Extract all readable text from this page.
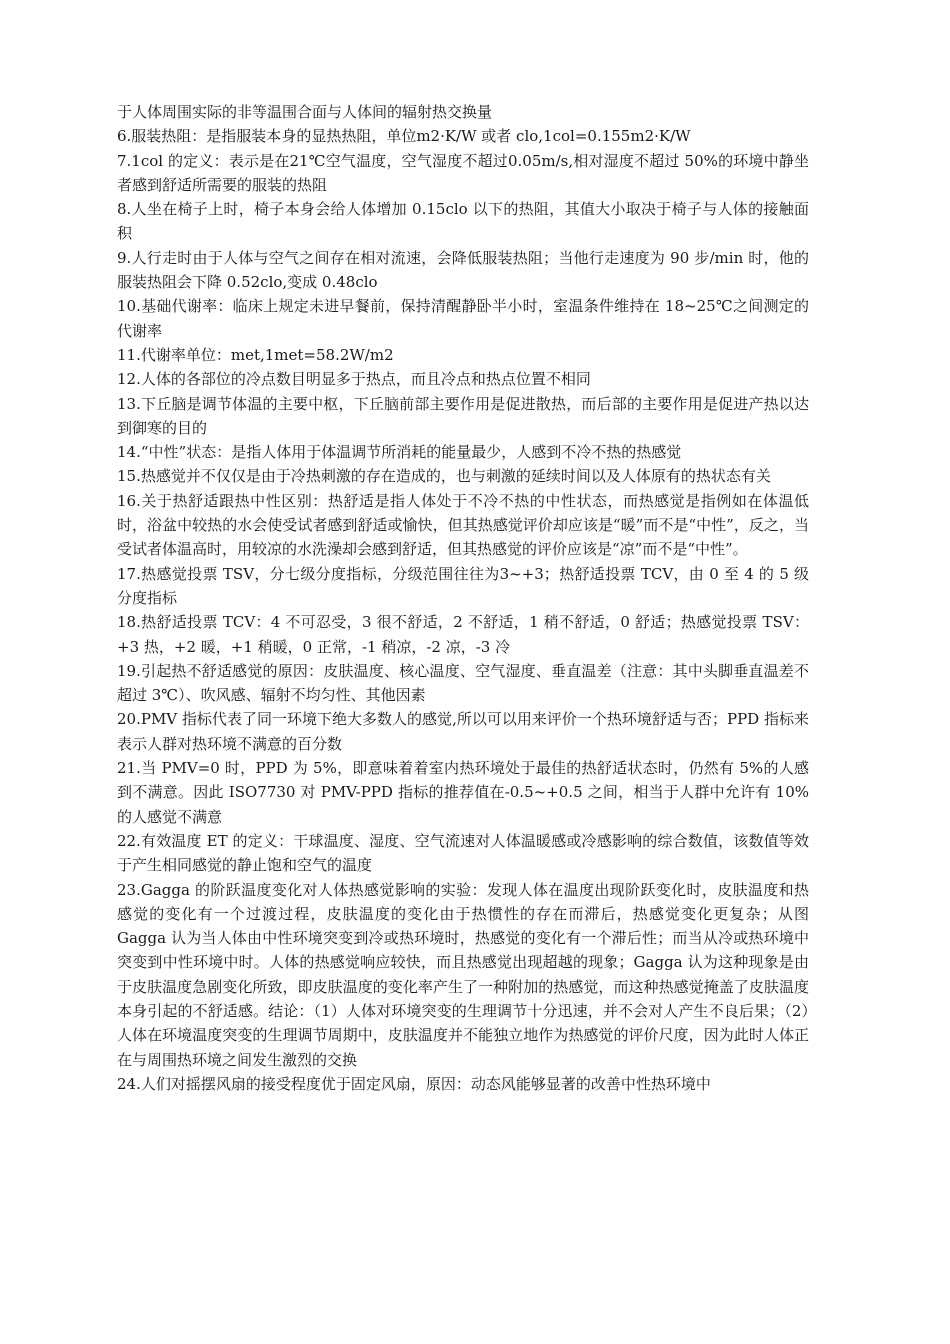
于人体周围实际的非等温围合面与人体间的辐射热交换量

6.服装热阻：是指服装本身的显热热阻，单位m2·K/W 或者 clo,1col=0.155m2·K/W

7.1col 的定义：表示是在21℃空气温度，空气湿度不超过0.05m/s,相对湿度不超过 50%的环境中静坐者感到舒适所需要的服装的热阻

8.人坐在椅子上时，椅子本身会给人体增加 0.15clo 以下的热阻，其值大小取决于椅子与人体的接触面积

9.人行走时由于人体与空气之间存在相对流速，会降低服装热阻；当他行走速度为 90 步/min 时，他的服装热阻会下降 0.52clo,变成 0.48clo

10.基础代谢率：临床上规定未进早餐前，保持清醒静卧半小时，室温条件维持在 18~25℃之间测定的代谢率

11.代谢率单位：met,1met=58.2W/m2

12.人体的各部位的冷点数目明显多于热点，而且冷点和热点位置不相同

13.下丘脑是调节体温的主要中枢，下丘脑前部主要作用是促进散热，而后部的主要作用是促进产热以达到御寒的目的

14.“中性”状态：是指人体用于体温调节所消耗的能量最少，人感到不冷不热的热感觉

15.热感觉并不仅仅是由于冷热刺激的存在造成的，也与刺激的延续时间以及人体原有的热状态有关

16.关于热舒适跟热中性区别：热舒适是指人体处于不冷不热的中性状态，而热感觉是指例如在体温低时，浴盆中较热的水会使受试者感到舒适或愉快，但其热感觉评价却应该是“暖”而不是“中性”，反之，当受试者体温高时，用较凉的水洗澡却会感到舒适，但其热感觉的评价应该是“凉”而不是“中性”。

17.热感觉投票 TSV，分七级分度指标，分级范围往往为3~+3；热舒适投票 TCV，由 0 至 4 的 5 级分度指标

18.热舒适投票 TCV：4 不可忍受，3 很不舒适，2 不舒适，1 稍不舒适，0 舒适；热感觉投票 TSV：+3 热，+2 暖，+1 稍暖，0 正常，-1 稍凉，-2 凉，-3 冷

19.引起热不舒适感觉的原因：皮肤温度、核心温度、空气湿度、垂直温差（注意：其中头脚垂直温差不超过 3℃）、吹风感、辐射不均匀性、其他因素

20.PMV 指标代表了同一环境下绝大多数人的感觉,所以可以用来评价一个热环境舒适与否；PPD 指标来表示人群对热环境不满意的百分数

21.当 PMV=0 时，PPD 为 5%，即意味着着室内热环境处于最佳的热舒适状态时，仍然有 5%的人感到不满意。因此 ISO7730 对 PMV-PPD 指标的推荐值在-0.5~+0.5 之间，相当于人群中允许有 10%的人感觉不满意

22.有效温度 ET 的定义：干球温度、湿度、空气流速对人体温暖感或冷感影响的综合数值，该数值等效于产生相同感觉的静止饱和空气的温度

23.Gagga 的阶跃温度变化对人体热感觉影响的实验：发现人体在温度出现阶跃变化时，皮肤温度和热感觉的变化有一个过渡过程，皮肤温度的变化由于热惯性的存在而滞后，热感觉变化更复杂；从图 Gagga 认为当人体由中性环境突变到冷或热环境时，热感觉的变化有一个滞后性；而当从冷或热环境中突变到中性环境中时。人体的热感觉响应较快，而且热感觉出现超越的现象；Gagga 认为这种现象是由于皮肤温度急剧变化所致，即皮肤温度的变化率产生了一种附加的热感觉，而这种热感觉掩盖了皮肤温度本身引起的不舒适感。结论：（1）人体对环境突变的生理调节十分迅速，并不会对人产生不良后果；（2）人体在环境温度突变的生理调节周期中，皮肤温度并不能独立地作为热感觉的评价尺度，因为此时人体正在与周围热环境之间发生激烈的交换

24.人们对摇摆风扇的接受程度优于固定风扇，原因：动态风能够显著的改善中性热环境中
